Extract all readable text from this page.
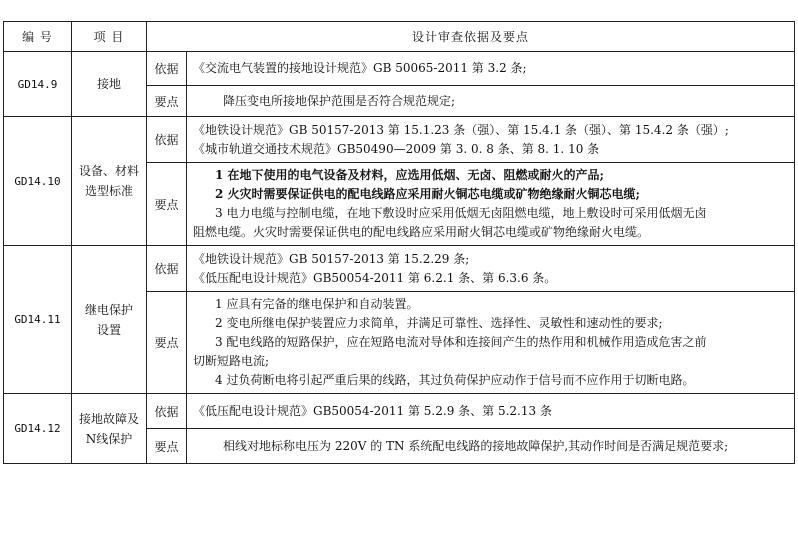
编 号	项 目	设计审查依据及要点	
GD14.9	接地	依据	《交流电气装置的接地设计规范》GB 50065-2011 第 3.2 条;

		要点	降压变电所接地保护范围是否符合规范规定;

GD14.10	设备、材料选型标准	依据	《地铁设计规范》GB 50157-2013 第 15.1.23 条（强）、第 15.4.1 条（强）、第 15.4.2 条（强）;
《城市轨道交通技术规范》GB50490—2009 第 3. 0. 8 条、第 8. 1. 10 条

		要点	1 在地下使用的电气设备及材料，应选用低烟、无卤、阻燃或耐火的产品;
2 火灾时需要保证供电的配电线路应采用耐火铜芯电缆或矿物绝缘耐火铜芯电缆;
3 电力电缆与控制电缆，在地下敷设时应采用低烟无卤阻燃电缆，地上敷设时可采用低烟无卤
阻燃电缆。火灾时需要保证供电的配电线路应采用耐火铜芯电缆或矿物绝缘耐火电缆。

GD14.11	继电保护设置	依据	《地铁设计规范》GB 50157-2013 第 15.2.29 条;
《低压配电设计规范》GB50054-2011 第 6.2.1 条、第 6.3.6 条。

		要点	1 应具有完备的继电保护和自动装置。
2 变电所继电保护装置应力求简单，并满足可靠性、选择性、灵敏性和速动性的要求;
3 配电线路的短路保护，应在短路电流对导体和连接间产生的热作用和机械作用造成危害之前
切断短路电流;
4 过负荷断电将引起严重后果的线路，其过负荷保护应动作于信号而不应作用于切断电路。

GD14.12	接地故障及N线保护	依据	《低压配电设计规范》GB50054-2011 第 5.2.9 条、第 5.2.13 条

		要点	相线对地标称电压为 220V 的 TN 系统配电线路的接地故障保护,其动作时间是否满足规范要求;
